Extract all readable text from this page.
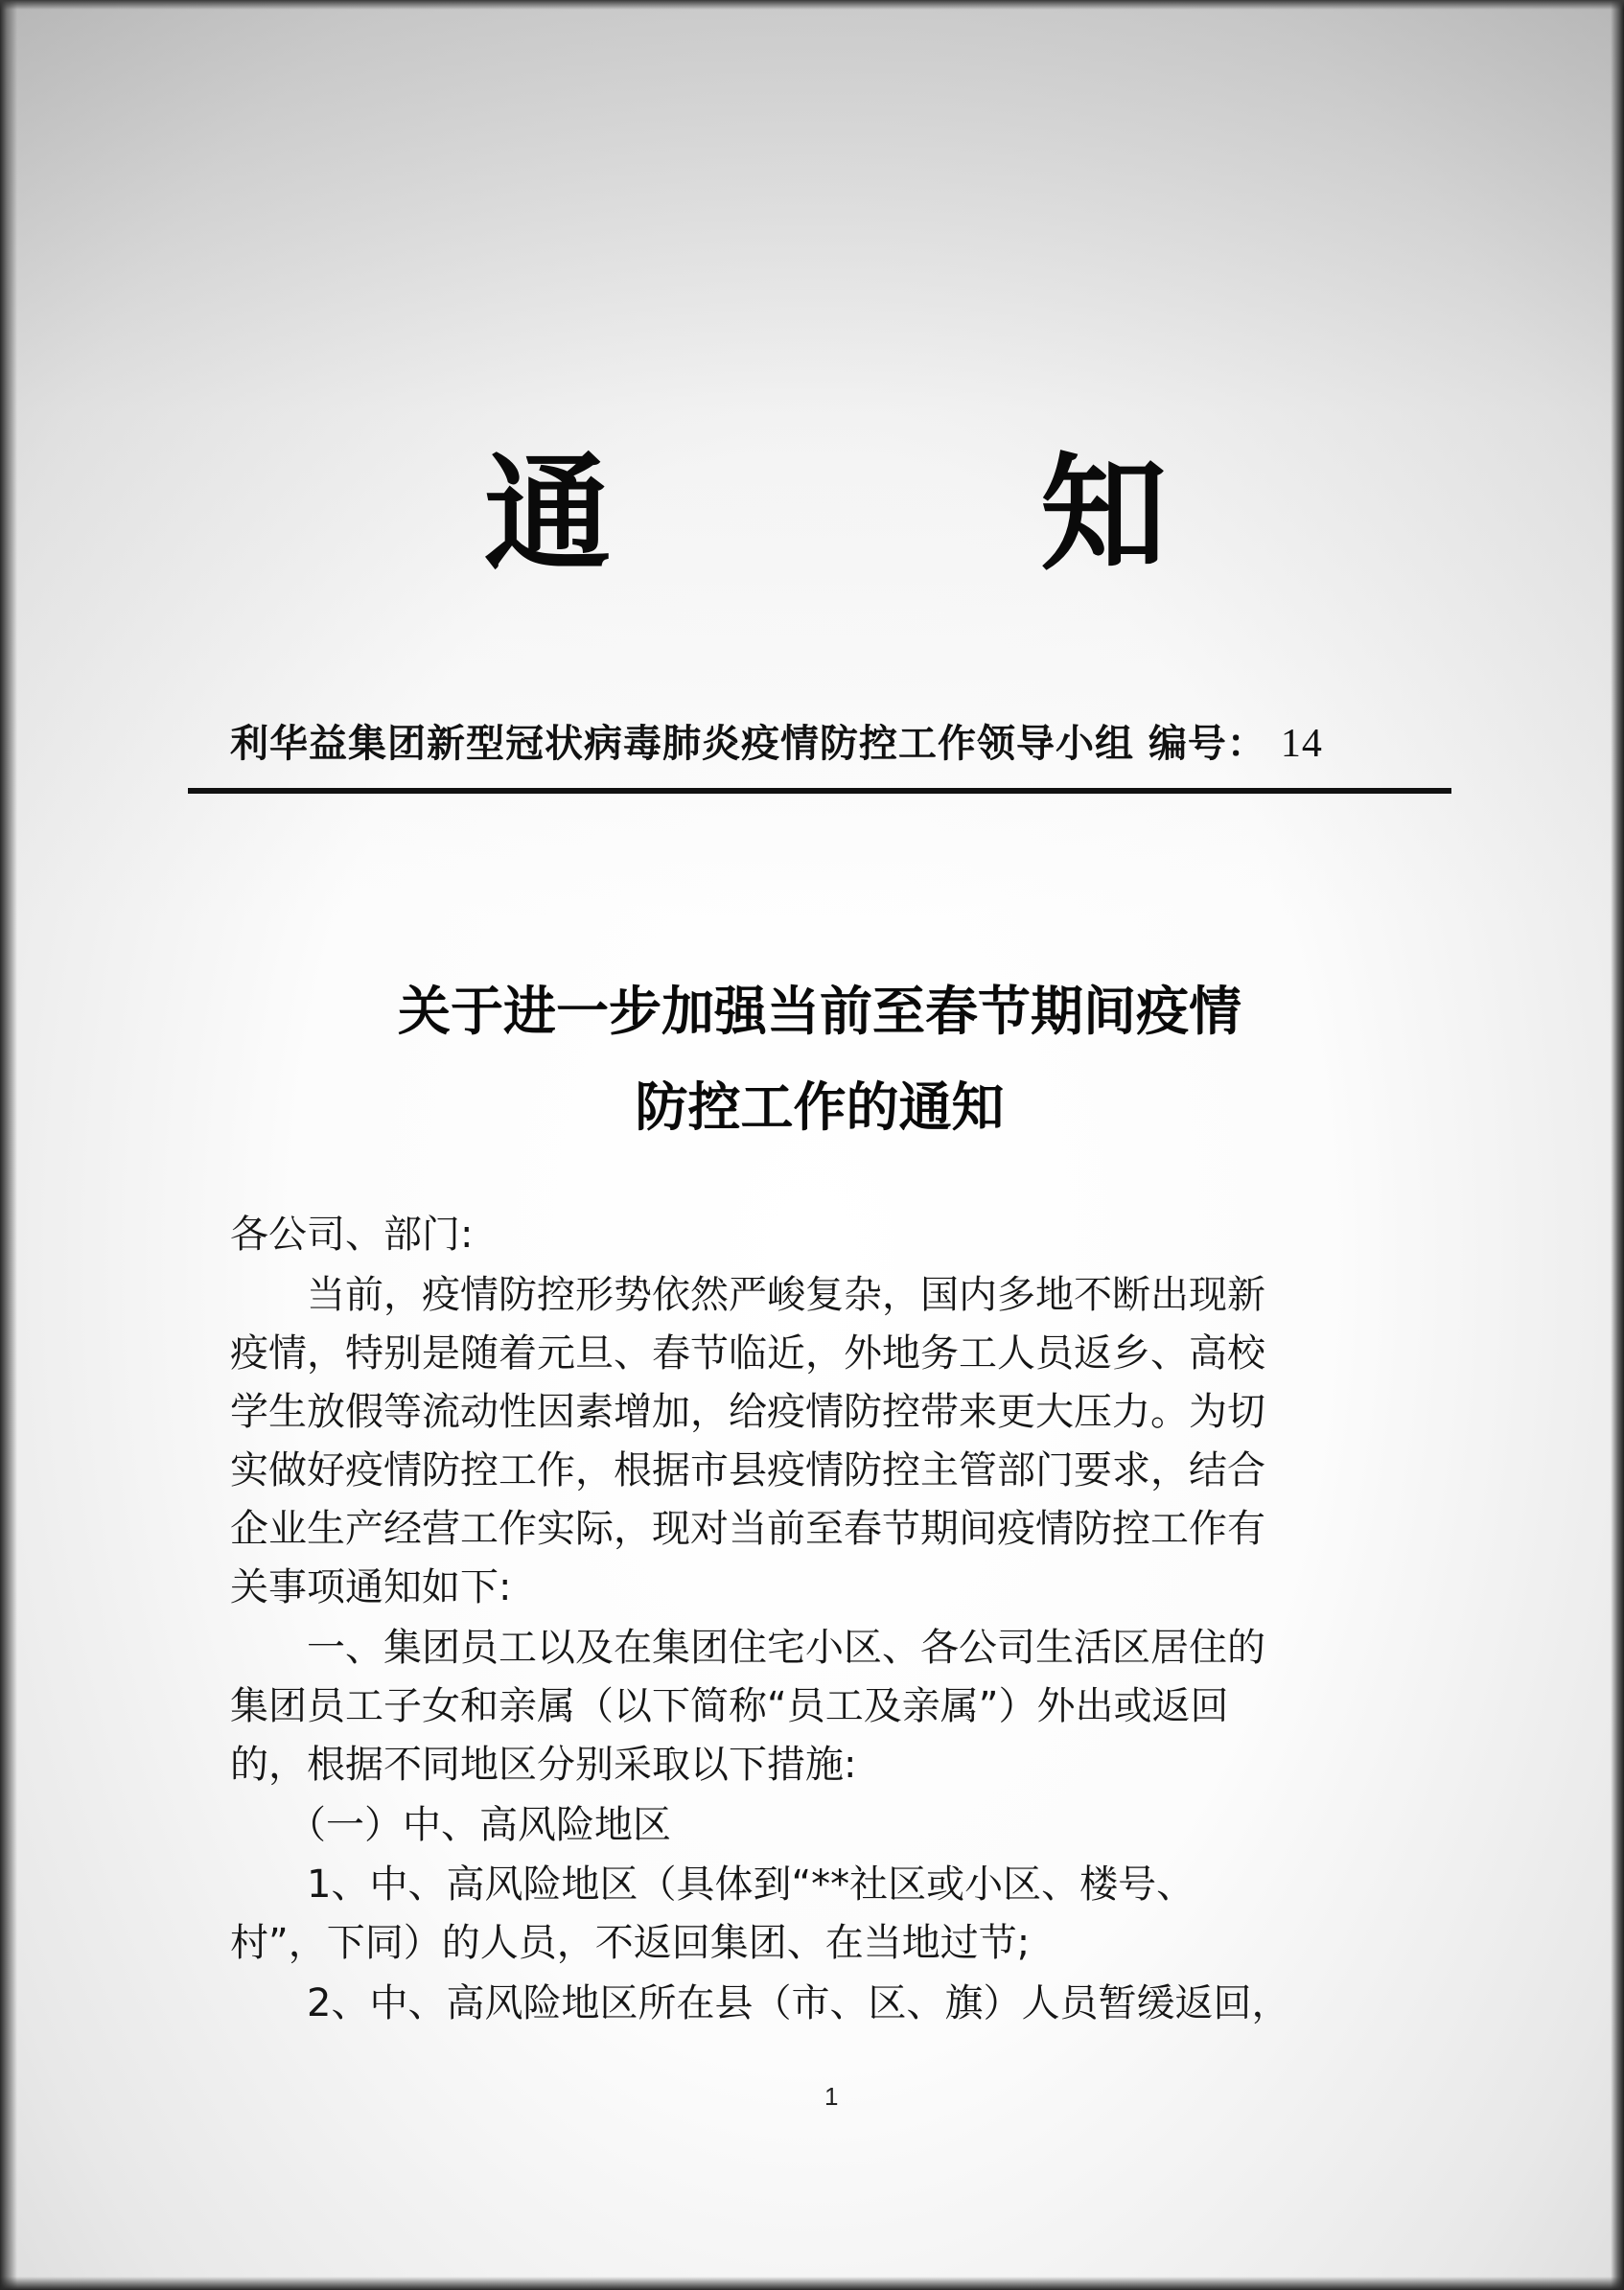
通	知
利华益集团新型冠状病毒肺炎疫情防控工作领导小组 编号： 14
关于进一步加强当前至春节期间疫情
防控工作的通知

各公司、部门:

　　当前，疫情防控形势依然严峻复杂，国内多地不断出现新

疫情，特别是随着元旦、春节临近，外地务工人员返乡、高校

学生放假等流动性因素增加，给疫情防控带来更大压力。为切

实做好疫情防控工作，根据市县疫情防控主管部门要求，结合

企业生产经营工作实际，现对当前至春节期间疫情防控工作有

关事项通知如下:

　　一、集团员工以及在集团住宅小区、各公司生活区居住的

集团员工子女和亲属（以下简称“员工及亲属”）外出或返回

的，根据不同地区分别采取以下措施:

　　（一）中、高风险地区

　　1、中、高风险地区（具体到“**社区或小区、楼号、

村”，下同）的人员，不返回集团、在当地过节;

　　2、中、高风险地区所在县（市、区、旗）人员暂缓返回，

1
